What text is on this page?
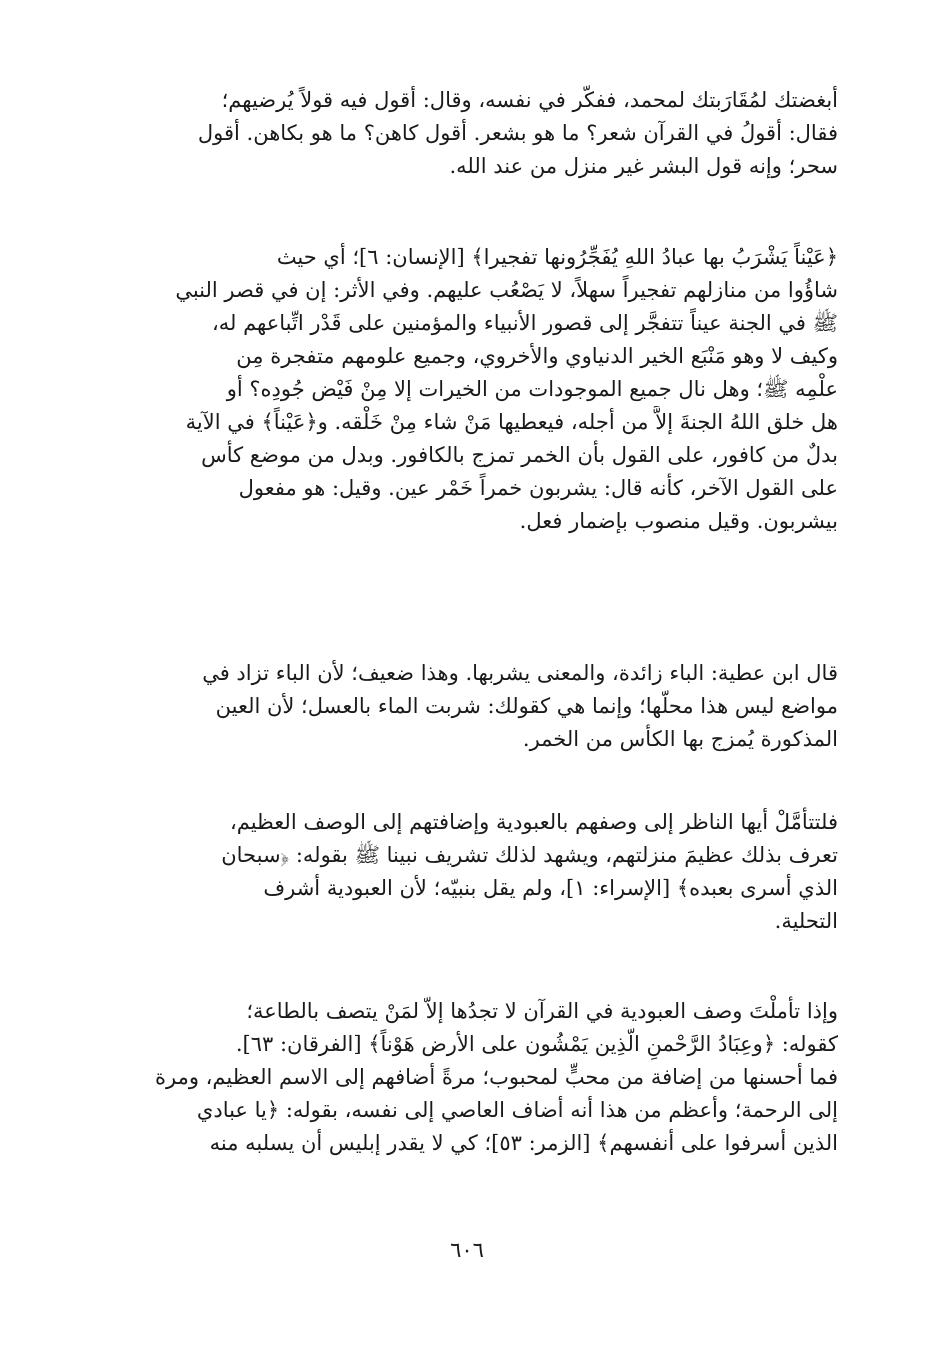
أبغضتك لمُقَارَبتك لمحمد، ففكّر في نفسه، وقال: أقول فيه قولاً يُرضيهم؛
فقال: أقولُ في القرآن شعر؟ ما هو بشعر. أقول كاهن؟ ما هو بكاهن. أقول
سحر؛ وإنه قول البشر غير منزل من عند الله.
﴿عَيْناً يَشْرَبُ بها عبادُ اللهِ يُفَجِّرُونها تفجيرا﴾ [الإنسان: ٦]؛ أي حيث
شاؤُوا من منازلهم تفجيراً سهلاً، لا يَصْعُب عليهم. وفي الأثر: إن في قصر النبي
ﷺ في الجنة عيناً تتفجَّر إلى قصور الأنبياء والمؤمنين على قَدْر اتِّباعهم له،
وكيف لا وهو مَنْبَع الخير الدنياوي والأخروي، وجميع علومهم متفجرة مِن
علْمِه ﷺ؛ وهل نال جميع الموجودات من الخيرات إلا مِنْ فَيْض جُودِه؟ أو
هل خلق اللهُ الجنةَ إلاَّ من أجله، فيعطيها مَنْ شاء مِنْ خَلْقه. و﴿عَيْناً﴾ في الآية
بدلٌ من كافور، على القول بأن الخمر تمزج بالكافور. وبدل من موضع كأس
على القول الآخر، كأنه قال: يشربون خمراً خَمْر عين. وقيل: هو مفعول
بيشربون. وقيل منصوب بإضمار فعل.
قال ابن عطية: الباء زائدة، والمعنى يشربها. وهذا ضعيف؛ لأن الباء تزاد في
مواضع ليس هذا محلّها؛ وإنما هي كقولك: شربت الماء بالعسل؛ لأن العين
المذكورة يُمزج بها الكأس من الخمر.
فلتتأمَّلْ أيها الناظر إلى وصفهم بالعبودية وإضافتهم إلى الوصف العظيم،
تعرف بذلك عظيمَ منزلتهم، ويشهد لذلك تشريف نبينا ﷺ بقوله: ﴿سبحان
الذي أسرى بعبده﴾ [الإسراء: ١]، ولم يقل بنبيّه؛ لأن العبودية أشرف
التحلية.
وإذا تأملْتَ وصف العبودية في القرآن لا تجدُها إلاّ لمَنْ يتصف بالطاعة؛
كقوله: ﴿وعِبَادُ الرَّحْمنِ الَّذِين يَمْشُون على الأرض هَوْناً﴾ [الفرقان: ٦٣].
فما أحسنها من إضافة من محبٍّ لمحبوب؛ مرةً أضافهم إلى الاسم العظيم، ومرة
إلى الرحمة؛ وأعظم من هذا أنه أضاف العاصي إلى نفسه، بقوله: ﴿يا عبادي
الذين أسرفوا على أنفسهم﴾ [الزمر: ٥٣]؛ كي لا يقدر إبليس أن يسلبه منه
٦٠٦
